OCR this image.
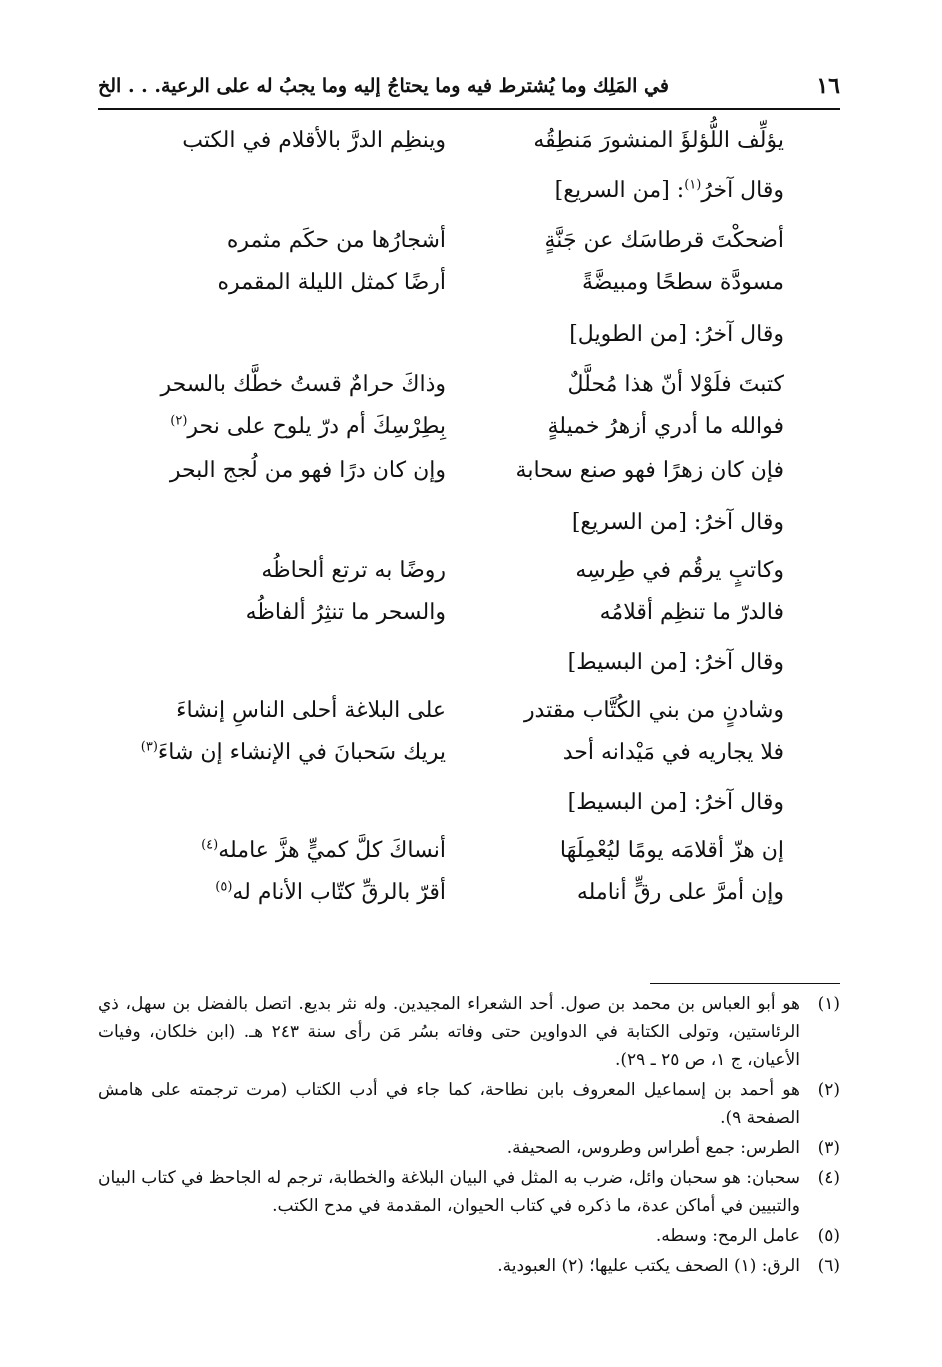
١٦
في المَلِك وما يُشترط فيه وما يحتاجُ إليه وما يجبُ له على الرعية. . . الخ
يؤلِّف اللُّؤلؤَ المنشورَ مَنطِقُه
وينظِم الدرَّ بالأقلام في الكتب
وقال آخرُ$^{(١)}$: [من السريع]
أضحكْتَ قرطاسَك عن جَنَّةٍ
أشجارُها من حكَم مثمره
مسودَّة سطحًا ومبيضَّةً
أرضًا كمثل الليلة المقمره
وقال آخرُ: [من الطويل]
كتبتَ فلَوْلا أنّ هذا مُحلَّلٌ
وذاكَ حرامٌ قستُ خطَّك بالسحر
فوالله ما أدري أزهرُ خميلةٍ
بِطِرْسِكَ أم درّ يلوح على نحر$^{(٢)}$
فإن كان زهرًا فهو صنع سحابة
وإن كان درًا فهو من لُجج البحر
وقال آخرُ: [من السريع]
وكاتبٍ يرقُم في طِرسِه
روضًا به ترتع ألحاظُه
فالدرّ ما تنظِم أقلامُه
والسحر ما تنثِرُ ألفاظُه
وقال آخرُ: [من البسيط]
وشادنٍ من بني الكُتَّاب مقتدر
على البلاغة أحلى الناسِ إنشاءَ
فلا يجاريه في مَيْدانه أحد
يريك سَحبانَ في الإنشاء إن شاءَ$^{(٣)}$
وقال آخرُ: [من البسيط]
إن هزّ أقلامَه يومًا ليُعْمِلَهَا
أنساكَ كلَّ كميٍّ هزَّ عامله$^{(٤)}$
وإن أمرَّ على رقٍّ أنامله
أقرّ بالرقِّ كتّاب الأنام له$^{(٥)}$
(١)
هو أبو العباس بن محمد بن صول. أحد الشعراء المجيدين. وله نثر بديع. اتصل بالفضل بن سهل، ذي الرئاستين، وتولى الكتابة في الدواوين حتى وفاته بسُر مَن رأى سنة ٢٤٣ هـ. (ابن خلكان، وفيات الأعيان، ج ١، ص ٢٥ ـ ٢٩).
(٢)
هو أحمد بن إسماعيل المعروف بابن نطاحة، كما جاء في أدب الكتاب (مرت ترجمته على هامش الصفحة ٩).
(٣)
الطرس: جمع أطراس وطروس، الصحيفة.
(٤)
سحبان: هو سحبان وائل، ضرب به المثل في البيان البلاغة والخطابة، ترجم له الجاحظ في كتاب البيان والتبيين في أماكن عدة، ما ذكره في كتاب الحيوان، المقدمة في مدح الكتب.
(٥)
عامل الرمح: وسطه.
(٦)
الرق: (١) الصحف يكتب عليها؛ (٢) العبودية.
